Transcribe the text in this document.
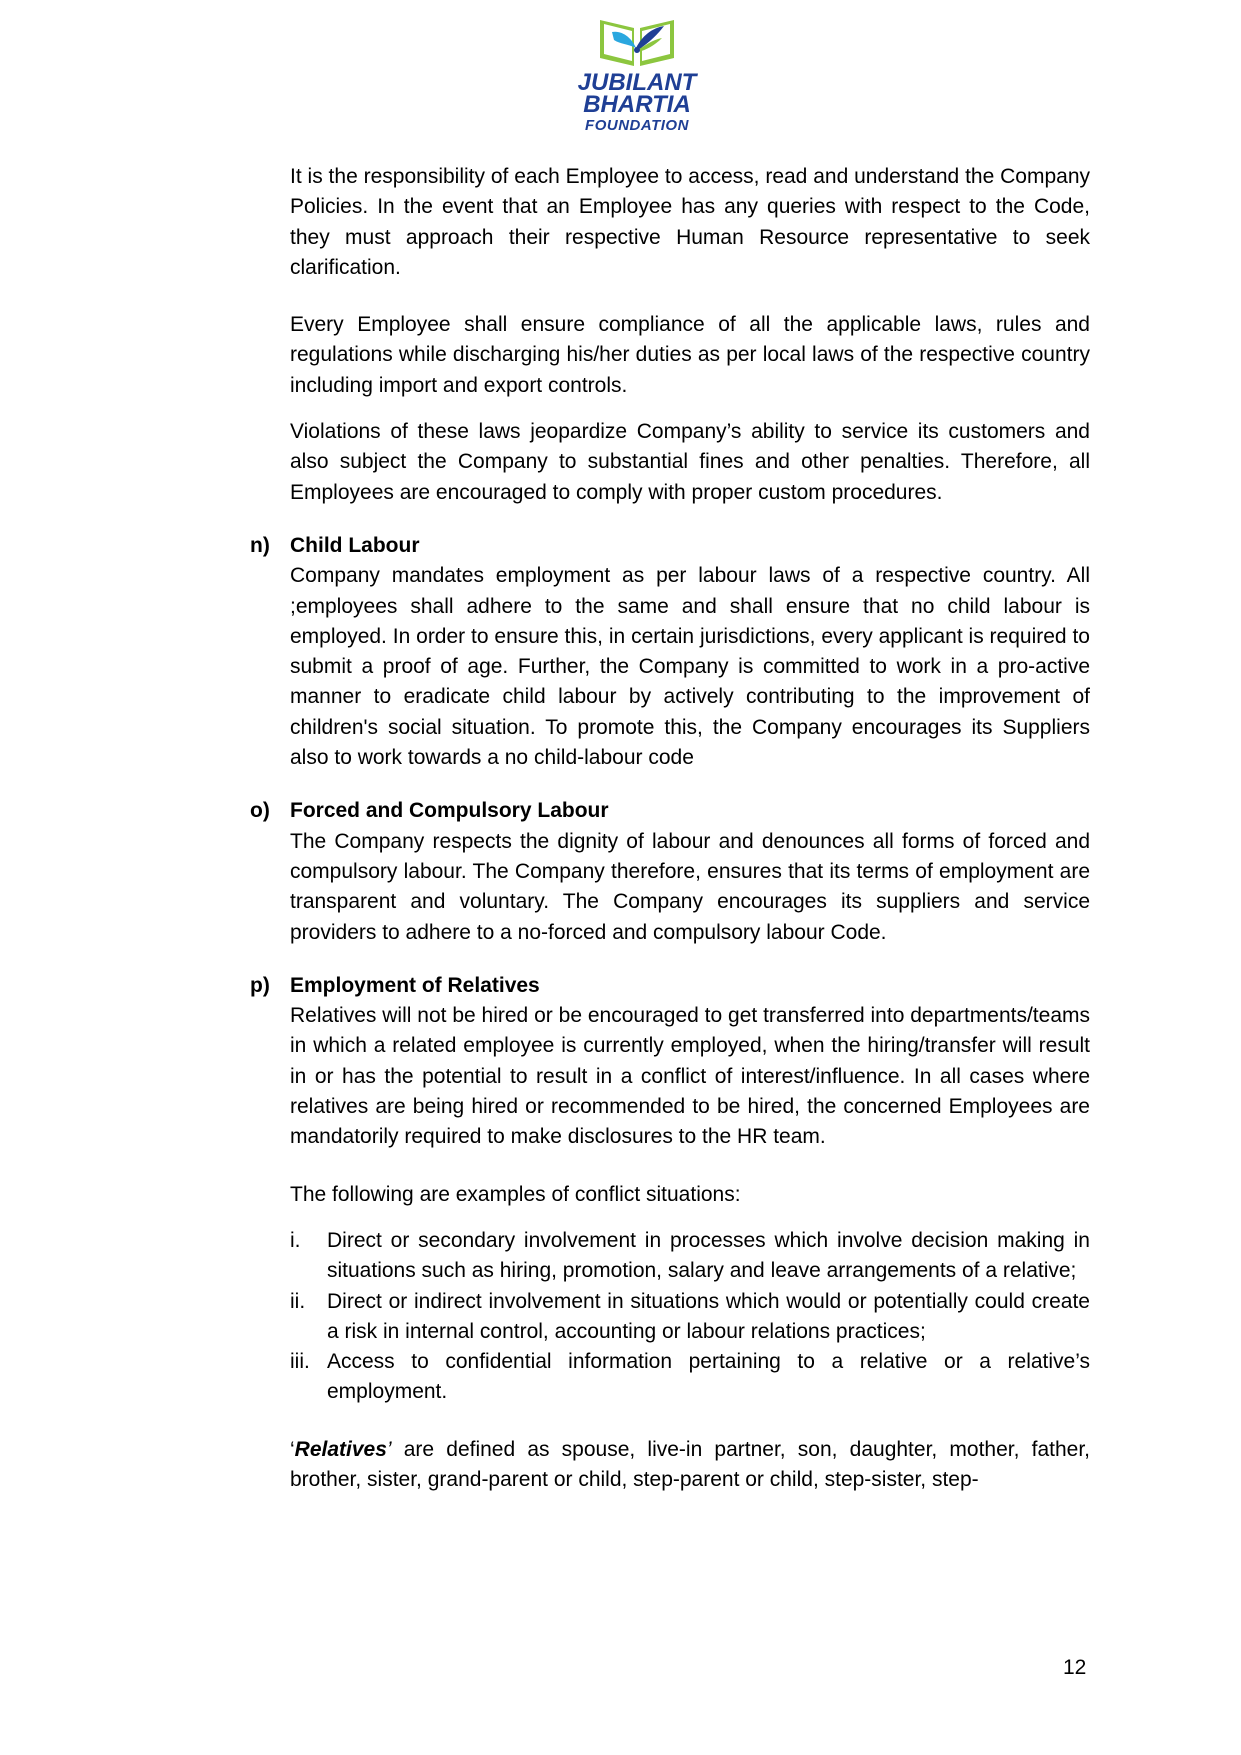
JUBILANT
BHARTIA
FOUNDATION

It is the responsibility of each Employee to access, read and understand the Company Policies. In the event that an Employee has any queries with respect to the Code, they must approach their respective Human Resource representative to seek clarification.

Every Employee shall ensure compliance of all the applicable laws, rules and regulations while discharging his/her duties as per local laws of the respective country including import and export controls.

Violations of these laws jeopardize Company’s ability to service its customers and also subject the Company to substantial fines and other penalties. Therefore, all Employees are encouraged to comply with proper custom procedures.

n) Child Labour

Company mandates employment as per labour laws of a respective country. All ;employees shall adhere to the same and shall ensure that no child labour is employed. In order to ensure this, in certain jurisdictions, every applicant is required to submit a proof of age. Further, the Company is committed to work in a pro-active manner to eradicate child labour by actively contributing to the improvement of children's social situation. To promote this, the Company encourages its Suppliers also to work towards a no child-labour code

o) Forced and Compulsory Labour

The Company respects the dignity of labour and denounces all forms of forced and compulsory labour. The Company therefore, ensures that its terms of employment are transparent and voluntary. The Company encourages its suppliers and service providers to adhere to a no-forced and compulsory labour Code.

p) Employment of Relatives

Relatives will not be hired or be encouraged to get transferred into departments/teams in which a related employee is currently employed, when the hiring/transfer will result in or has the potential to result in a conflict of interest/influence. In all cases where relatives are being hired or recommended to be hired, the concerned Employees are mandatorily required to make disclosures to the HR team.

The following are examples of conflict situations:

i. Direct or secondary involvement in processes which involve decision making in situations such as hiring, promotion, salary and leave arrangements of a relative;
ii. Direct or indirect involvement in situations which would or potentially could create a risk in internal control, accounting or labour relations practices;
iii. Access to confidential information pertaining to a relative or a relative’s employment.

‘Relatives’ are defined as spouse, live-in partner, son, daughter, mother, father, brother, sister, grand-parent or child, step-parent or child, step-sister, step-

12
